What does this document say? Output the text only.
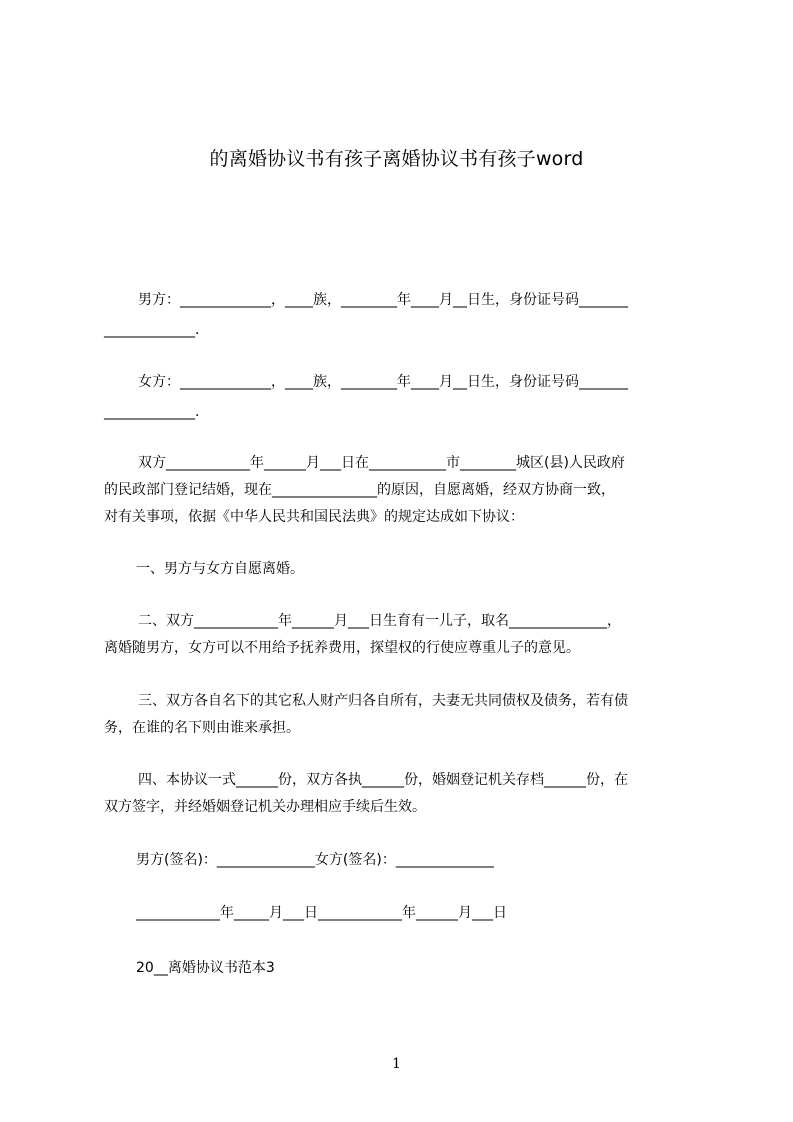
的离婚协议书有孩子离婚协议书有孩子word
男方：_____________，____族，________年____月__日生，身份证号码_______
_____________.
女方：_____________，____族，________年____月__日生，身份证号码_______
_____________.
双方____________年______月___日在___________市________城区(县)人民政府
的民政部门登记结婚，现在_______________的原因，自愿离婚，经双方协商一致，
对有关事项，依据《中华人民共和国民法典》的规定达成如下协议：
一、男方与女方自愿离婚。
二、双方____________年______月___日生育有一儿子，取名______________，
离婚随男方，女方可以不用给予抚养费用，探望权的行使应尊重儿子的意见。
三、双方各自名下的其它私人财产归各自所有，夫妻无共同债权及债务，若有债
务，在谁的名下则由谁来承担。
四、本协议一式______份，双方各执______份，婚姻登记机关存档______份，在
双方签字，并经婚姻登记机关办理相应手续后生效。
男方(签名)：______________女方(签名)：______________
____________年_____月___日____________年______月___日
20__离婚协议书范本3
1
